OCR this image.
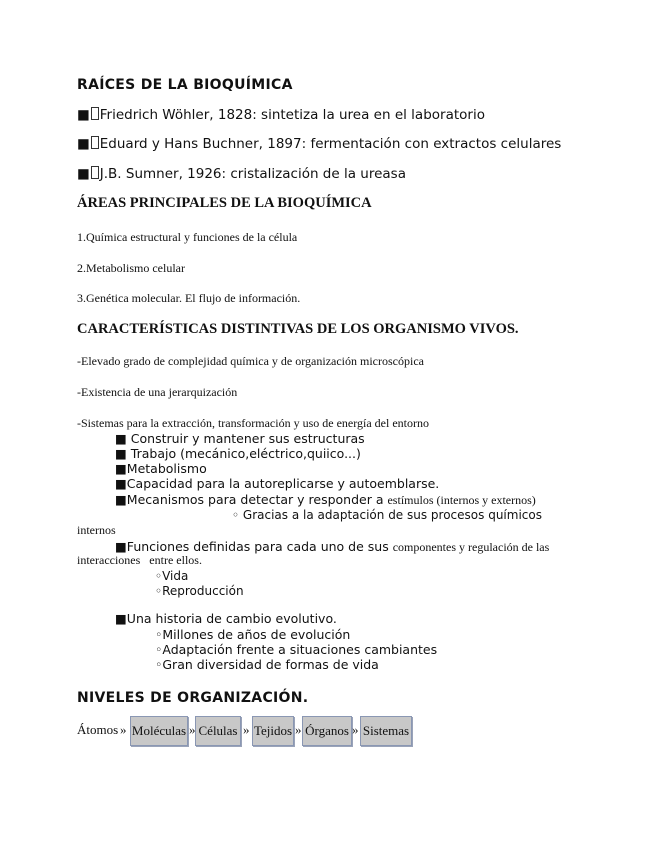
RAÍCES DE LA BIOQUÍMICA
■ Friedrich Wöhler, 1828: sintetiza la urea en el laboratorio
■ Eduard y Hans Buchner, 1897: fermentación con extractos celulares
■ J.B. Sumner, 1926: cristalización de la ureasa
ÁREAS PRINCIPALES DE LA BIOQUÍMICA
1.Química estructural y funciones de la célula
2.Metabolismo celular
3.Genética molecular. El flujo de información.
CARACTERÍSTICAS DISTINTIVAS DE LOS ORGANISMO VIVOS.
-Elevado grado de complejidad química y de organización microscópica
-Existencia de una jerarquización
-Sistemas para la extracción, transformación y uso de energía del entorno
■ Construir y mantener sus estructuras
■ Trabajo (mecánico,eléctrico,quiico...)
■Metabolismo
■Capacidad para la autoreplicarse y autoemblarse.
■Mecanismos para detectar y responder a estímulos (internos y externos)
◦ Gracias a la adaptación de sus procesos químicos
internos
■Funciones definidas para cada uno de sus componentes y regulación de las
interacciones   entre ellos.
◦Vida
◦Reproducción
■Una historia de cambio evolutivo.
◦Millones de años de evolución
◦Adaptación frente a situaciones cambiantes
◦Gran diversidad de formas de vida
NIVELES DE ORGANIZACIÓN.
Átomos » Moléculas » Células » Tejidos » Órganos » Sistemas
